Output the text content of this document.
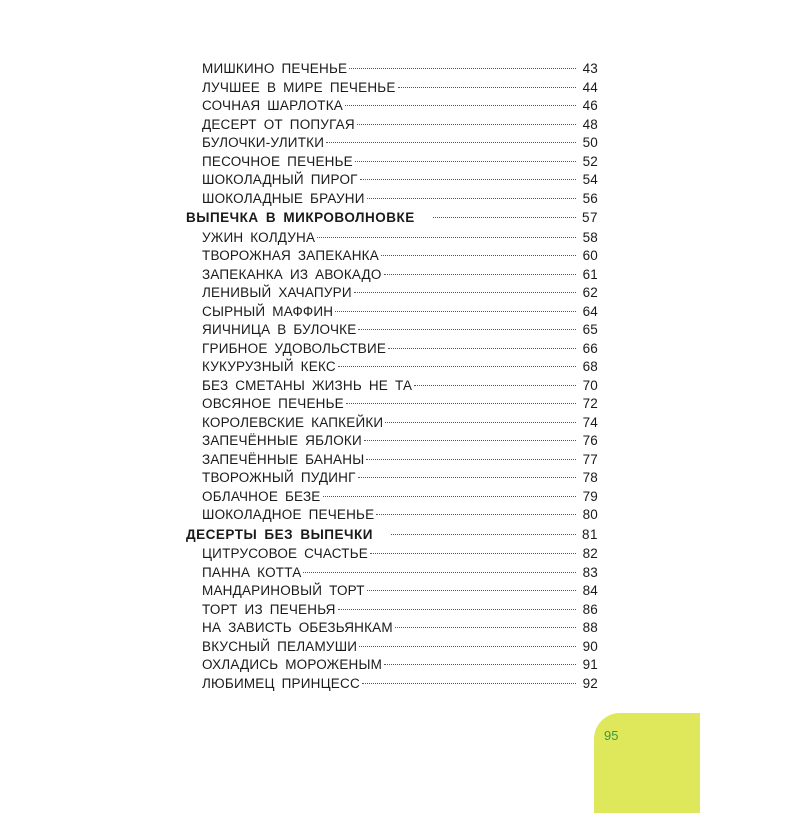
МИШКИНО ПЕЧЕНЬЕ	43
ЛУЧШЕЕ В МИРЕ ПЕЧЕНЬЕ	44
СОЧНАЯ ШАРЛОТКА	46
ДЕСЕРТ ОТ ПОПУГАЯ	48
БУЛОЧКИ-УЛИТКИ	50
ПЕСОЧНОЕ ПЕЧЕНЬЕ	52
ШОКОЛАДНЫЙ ПИРОГ	54
ШОКОЛАДНЫЕ БРАУНИ	56
ВЫПЕЧКА В МИКРОВОЛНОВКЕ	57
УЖИН КОЛДУНА	58
ТВОРОЖНАЯ ЗАПЕКАНКА	60
ЗАПЕКАНКА ИЗ АВОКАДО	61
ЛЕНИВЫЙ ХАЧАПУРИ	62
СЫРНЫЙ МАФФИН	64
ЯИЧНИЦА В БУЛОЧКЕ	65
ГРИБНОЕ УДОВОЛЬСТВИЕ	66
КУКУРУЗНЫЙ КЕКС	68
БЕЗ СМЕТАНЫ ЖИЗНЬ НЕ ТА	70
ОВСЯНОЕ ПЕЧЕНЬЕ	72
КОРОЛЕВСКИЕ КАПКЕЙКИ	74
ЗАПЕЧЁННЫЕ ЯБЛОКИ	76
ЗАПЕЧЁННЫЕ БАНАНЫ	77
ТВОРОЖНЫЙ ПУДИНГ	78
ОБЛАЧНОЕ БЕЗЕ	79
ШОКОЛАДНОЕ ПЕЧЕНЬЕ	80
ДЕСЕРТЫ БЕЗ ВЫПЕЧКИ	81
ЦИТРУСОВОЕ СЧАСТЬЕ	82
ПАННА КОТТА	83
МАНДАРИНОВЫЙ ТОРТ	84
ТОРТ ИЗ ПЕЧЕНЬЯ	86
НА ЗАВИСТЬ ОБЕЗЬЯНКАМ	88
ВКУСНЫЙ ПЕЛАМУШИ	90
ОХЛАДИСЬ МОРОЖЕНЫМ	91
ЛЮБИМЕЦ ПРИНЦЕСС	92
95
